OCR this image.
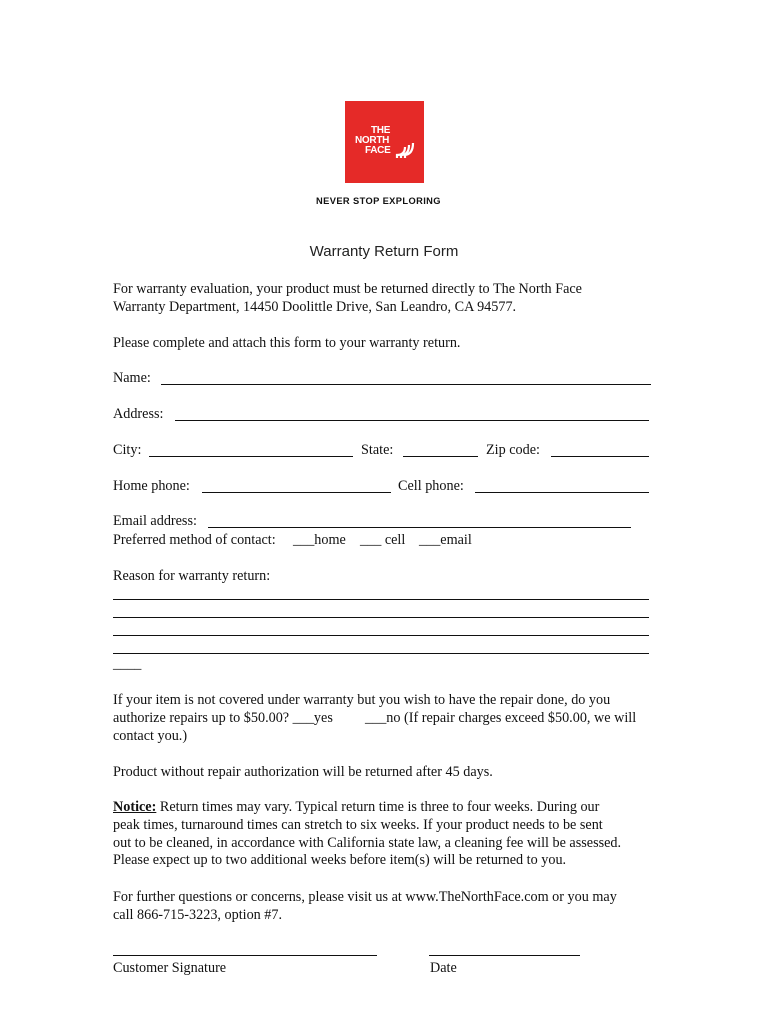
THE
NORTH
FACE
NEVER STOP EXPLORING
Warranty Return Form
For warranty evaluation, your product must be returned directly to The North Face
Warranty Department, 14450 Doolittle Drive, San Leandro, CA 94577.
Please complete and attach this form to your warranty return.
Name:
Address:
City:	State:	Zip code:
Home phone:	Cell phone:
Email address:
Preferred method of contact: ___home ___ cell ___email
Reason for warranty return:
____
If your item is not covered under warranty but you wish to have the repair done, do you
authorize repairs up to $50.00? ___yes ___no (If repair charges exceed $50.00, we will
contact you.)
Product without repair authorization will be returned after 45 days.
Notice: Return times may vary. Typical return time is three to four weeks. During our
peak times, turnaround times can stretch to six weeks. If your product needs to be sent
out to be cleaned, in accordance with California state law, a cleaning fee will be assessed.
Please expect up to two additional weeks before item(s) will be returned to you.
For further questions or concerns, please visit us at www.TheNorthFace.com or you may
call 866-715-3223, option #7.
Customer Signature	Date
